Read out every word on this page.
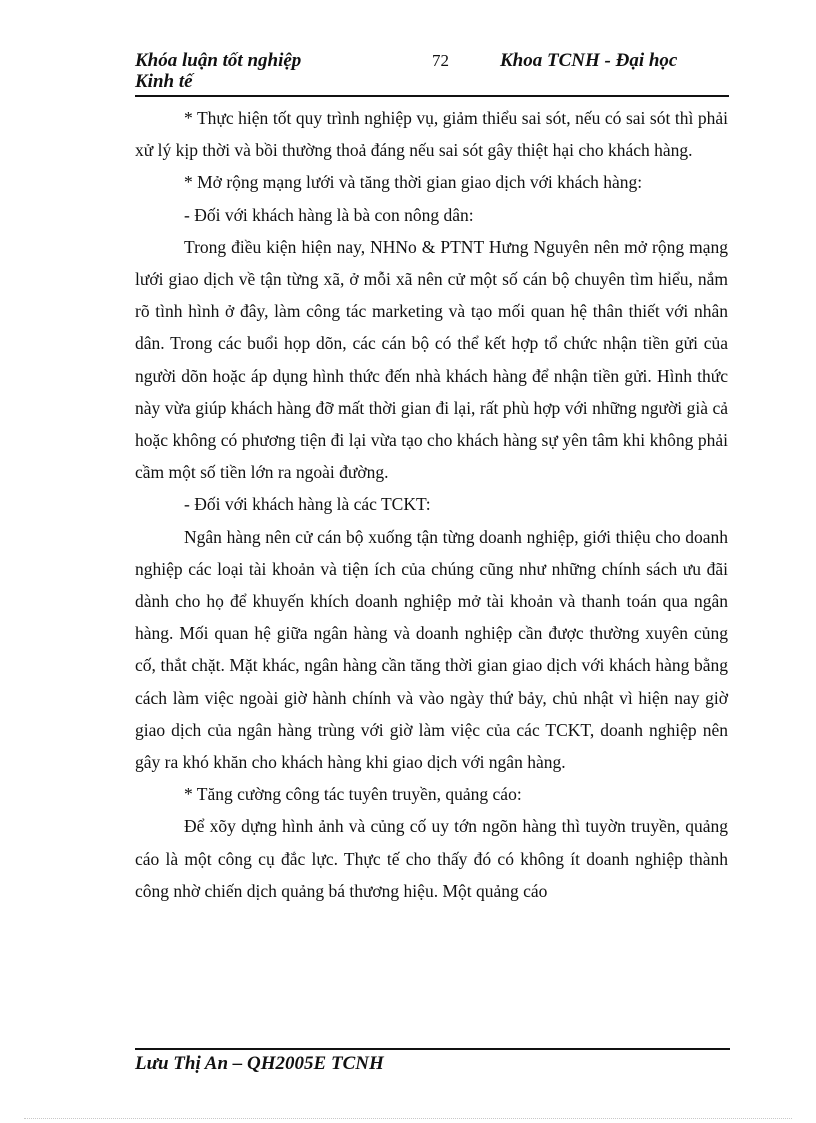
Khóa luận tốt nghiệp
Kinh tế
72	Khoa TCNH - Đại học

* Thực hiện tốt quy trình nghiệp vụ, giảm thiểu sai sót, nếu có sai sót thì phải xử lý kịp thời và bồi thường thoả đáng nếu sai sót gây thiệt hại cho khách hàng.

* Mở rộng mạng lưới và tăng thời gian giao dịch với khách hàng:

- Đối với khách hàng là bà con nông dân:

Trong điều kiện hiện nay, NHNo & PTNT Hưng Nguyên nên mở rộng mạng lưới giao dịch về tận từng xã, ở mỗi xã nên cử một số cán bộ chuyên tìm hiểu, nắm rõ tình hình ở đây, làm công tác marketing và tạo mối quan hệ thân thiết với nhân dân. Trong các buổi họp dõn, các cán bộ có thể kết hợp tổ chức nhận tiền gửi của người dõn hoặc áp dụng hình thức đến nhà khách hàng để nhận tiền gửi. Hình thức này vừa giúp khách hàng đỡ mất thời gian đi lại, rất phù hợp với những người già cả hoặc không có phương tiện đi lại vừa tạo cho khách hàng sự yên tâm khi không phải cầm một số tiền lớn ra ngoài đường.

- Đối với khách hàng là các TCKT:

Ngân hàng nên cử cán bộ xuống tận từng doanh nghiệp, giới thiệu cho doanh nghiệp các loại tài khoản và tiện ích của chúng cũng như những chính sách ưu đãi dành cho họ để khuyến khích doanh nghiệp mở tài khoản và thanh toán qua ngân hàng. Mối quan hệ giữa ngân hàng và doanh nghiệp cần được thường xuyên củng cố, thắt chặt. Mặt khác, ngân hàng cần tăng thời gian giao dịch với khách hàng bằng cách làm việc ngoài giờ hành chính và vào ngày thứ bảy, chủ nhật vì hiện nay giờ giao dịch của ngân hàng trùng với giờ làm việc của các TCKT, doanh nghiệp nên gây ra khó khăn cho khách hàng khi giao dịch với ngân hàng.

* Tăng cường công tác tuyên truyền, quảng cáo:

Để xõy dựng hình ảnh và củng cố uy tớn ngõn hàng thì tuyờn truyền, quảng cáo là một công cụ đắc lực. Thực tế cho thấy đó có không ít doanh nghiệp thành công nhờ chiến dịch quảng bá thương hiệu. Một quảng cáo

Lưu Thị An – QH2005E TCNH
